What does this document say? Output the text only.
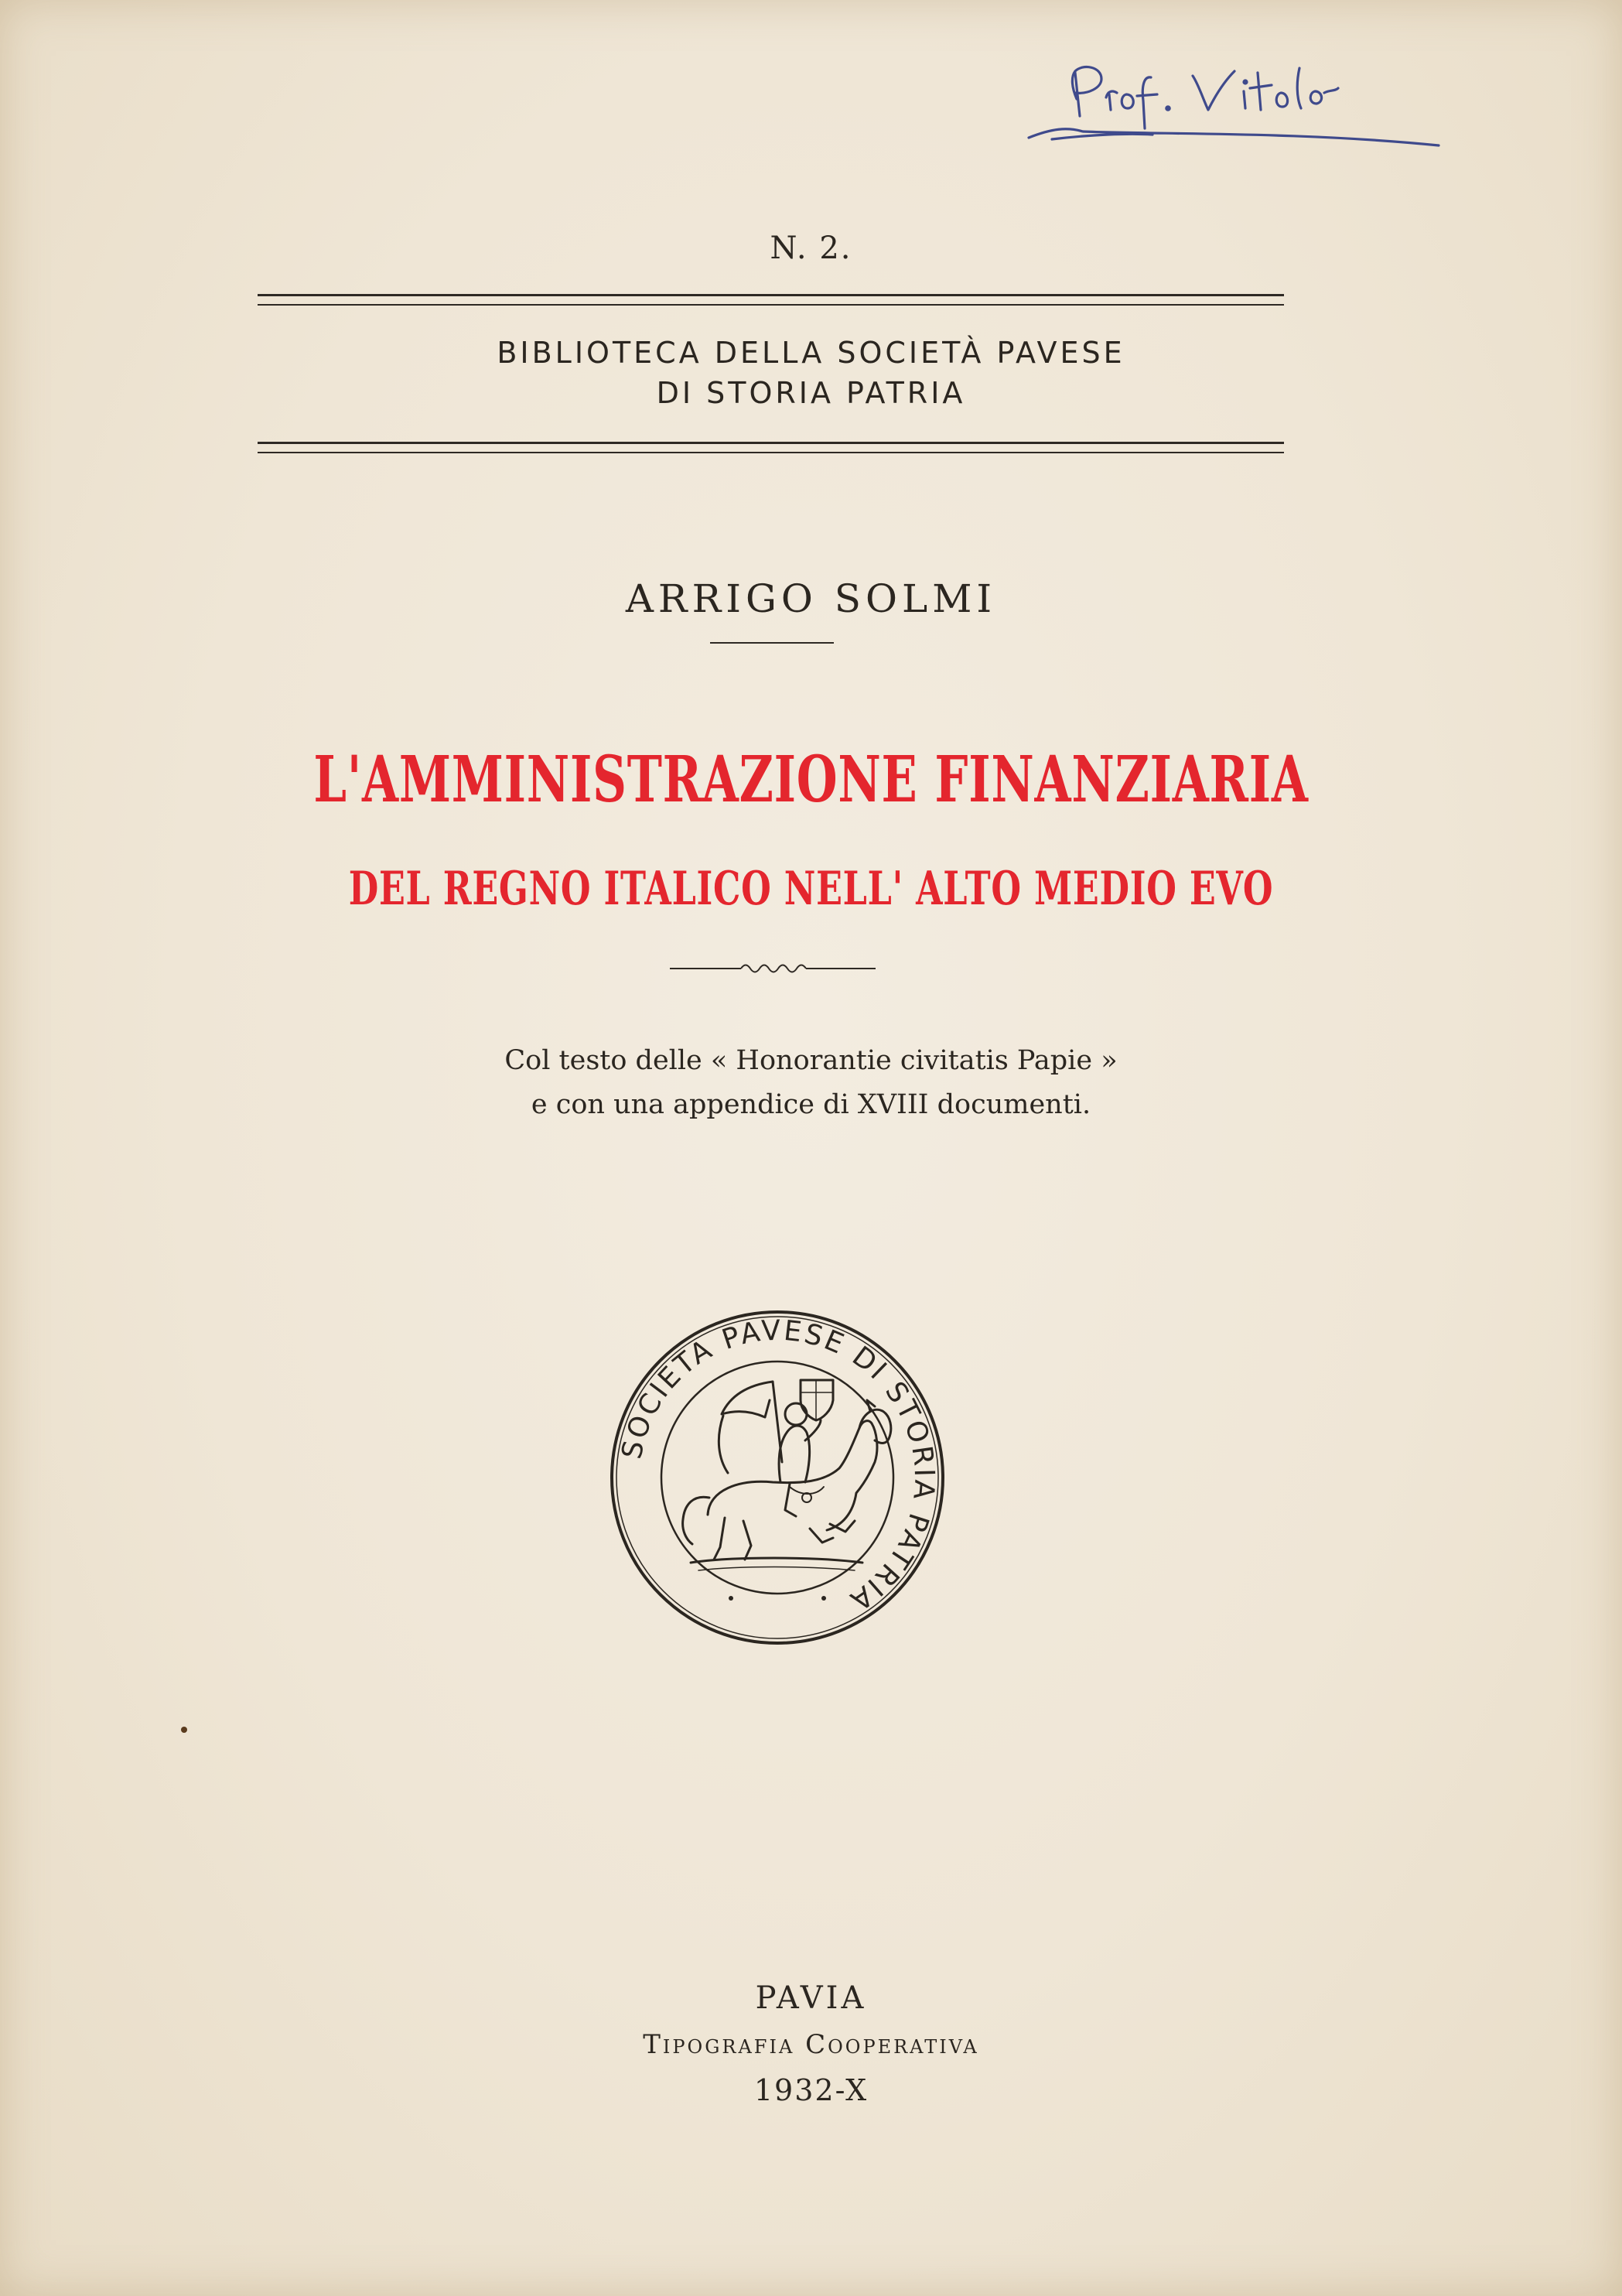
N. 2.
BIBLIOTECA DELLA SOCIETÀ PAVESE
DI STORIA PATRIA
ARRIGO SOLMI
L'AMMINISTRAZIONE FINANZIARIA
DEL REGNO ITALICO NELL' ALTO MEDIO EVO
Col testo delle « Honorantie civitatis Papie »
e con una appendice di XVIII documenti.
SOCIETA PAVESE DI STORIA PATRIA
PAVIA
Tipografia Cooperativa
1932-X
